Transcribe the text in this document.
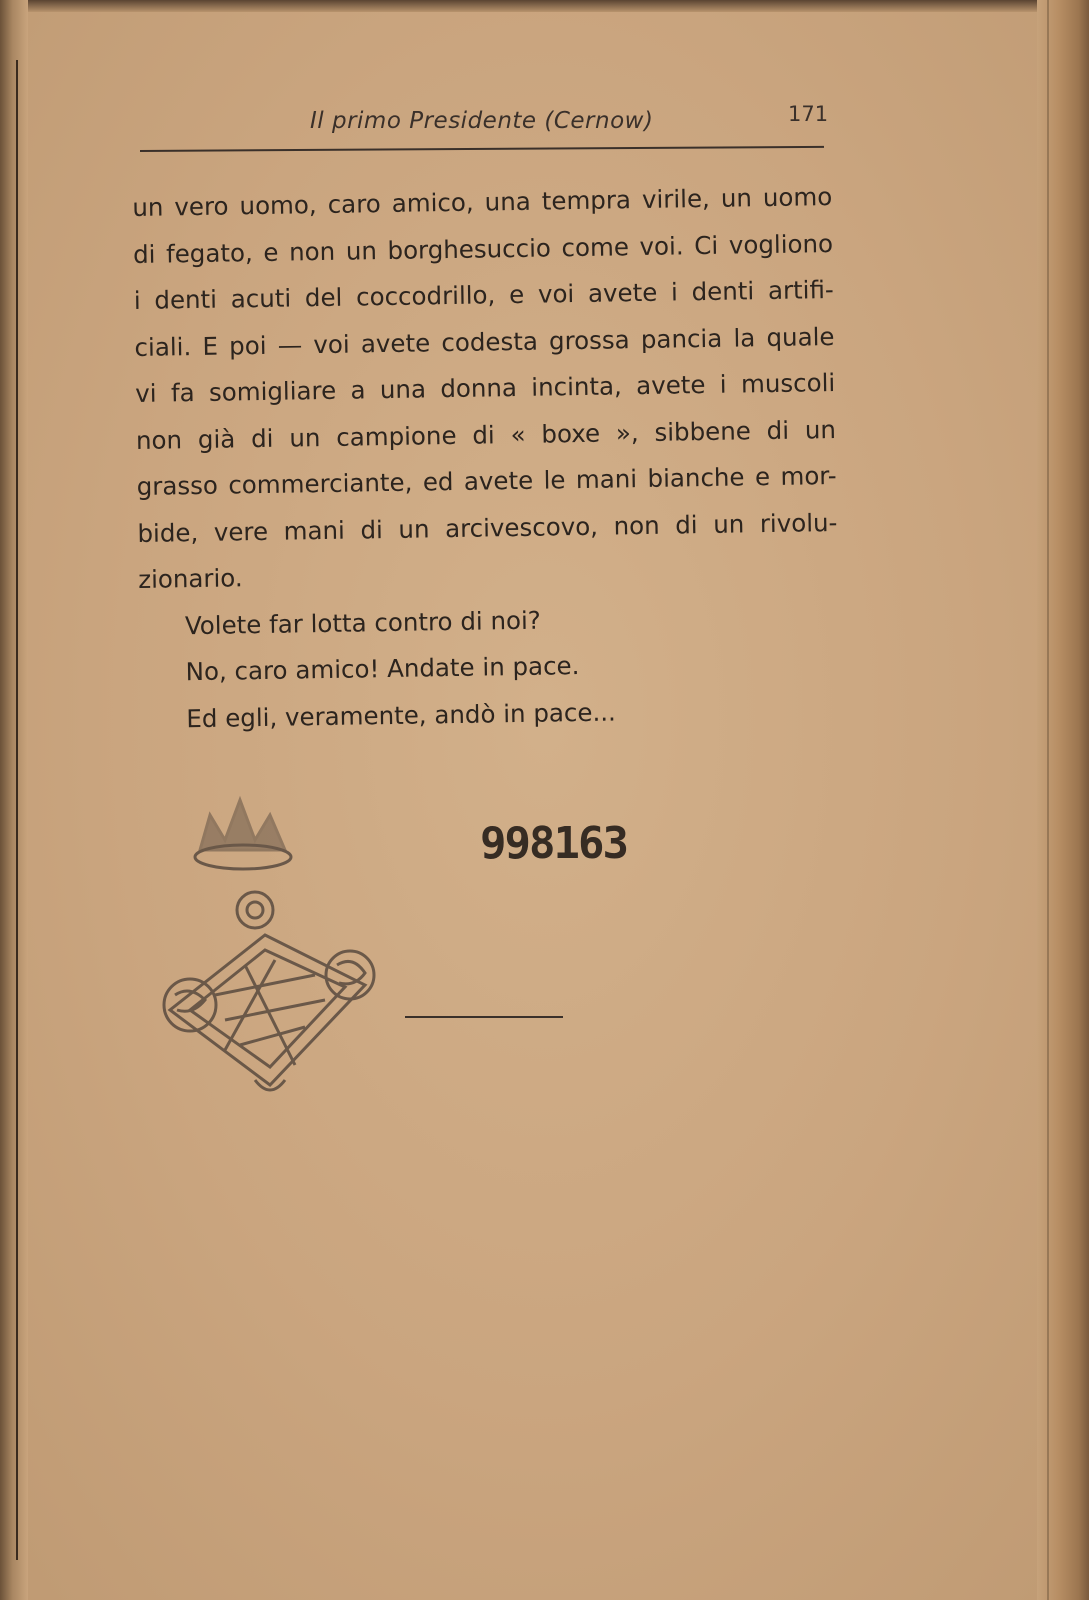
Il primo Presidente (Cernow)	171
un vero uomo, caro amico, una tempra virile, un uomo
di fegato, e non un borghesuccio come voi. Ci vogliono
i denti acuti del coccodrillo, e voi avete i denti artifi-
ciali. E poi — voi avete codesta grossa pancia la quale
vi fa somigliare a una donna incinta, avete i muscoli
non già di un campione di « boxe », sibbene di un
grasso commerciante, ed avete le mani bianche e mor-
bide, vere mani di un arcivescovo, non di un rivolu-
zionario.
Volete far lotta contro di noi?
No, caro amico! Andate in pace.
Ed egli, veramente, andò in pace...
998163
